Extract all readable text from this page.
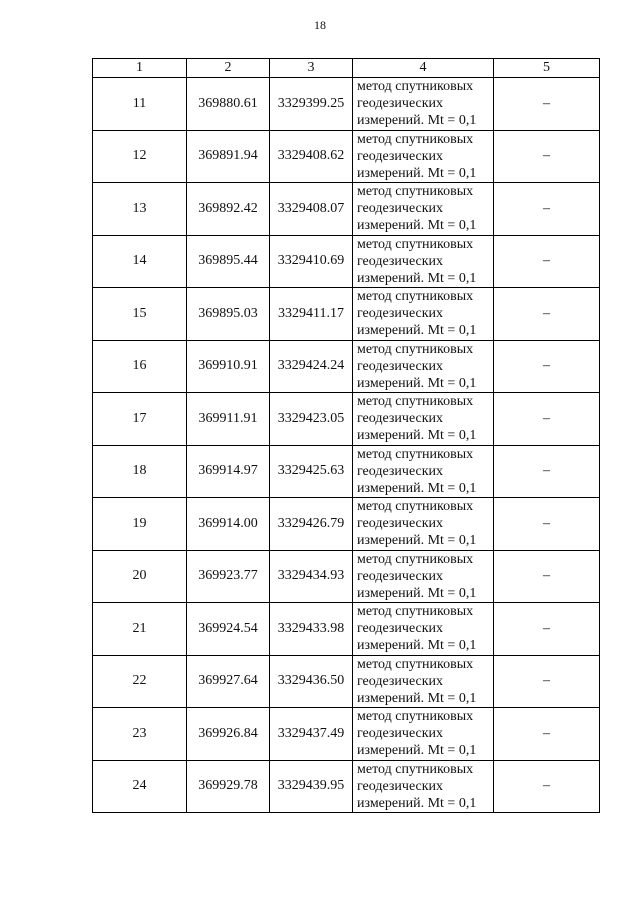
18
1	2	3	4	5
11	369880.61	3329399.25	метод спутниковых
геодезических
измерений. Mt = 0,1	–
12	369891.94	3329408.62	метод спутниковых
геодезических
измерений. Mt = 0,1	–
13	369892.42	3329408.07	метод спутниковых
геодезических
измерений. Mt = 0,1	–
14	369895.44	3329410.69	метод спутниковых
геодезических
измерений. Mt = 0,1	–
15	369895.03	3329411.17	метод спутниковых
геодезических
измерений. Mt = 0,1	–
16	369910.91	3329424.24	метод спутниковых
геодезических
измерений. Mt = 0,1	–
17	369911.91	3329423.05	метод спутниковых
геодезических
измерений. Mt = 0,1	–
18	369914.97	3329425.63	метод спутниковых
геодезических
измерений. Mt = 0,1	–
19	369914.00	3329426.79	метод спутниковых
геодезических
измерений. Mt = 0,1	–
20	369923.77	3329434.93	метод спутниковых
геодезических
измерений. Mt = 0,1	–
21	369924.54	3329433.98	метод спутниковых
геодезических
измерений. Mt = 0,1	–
22	369927.64	3329436.50	метод спутниковых
геодезических
измерений. Mt = 0,1	–
23	369926.84	3329437.49	метод спутниковых
геодезических
измерений. Mt = 0,1	–
24	369929.78	3329439.95	метод спутниковых
геодезических
измерений. Mt = 0,1	–
